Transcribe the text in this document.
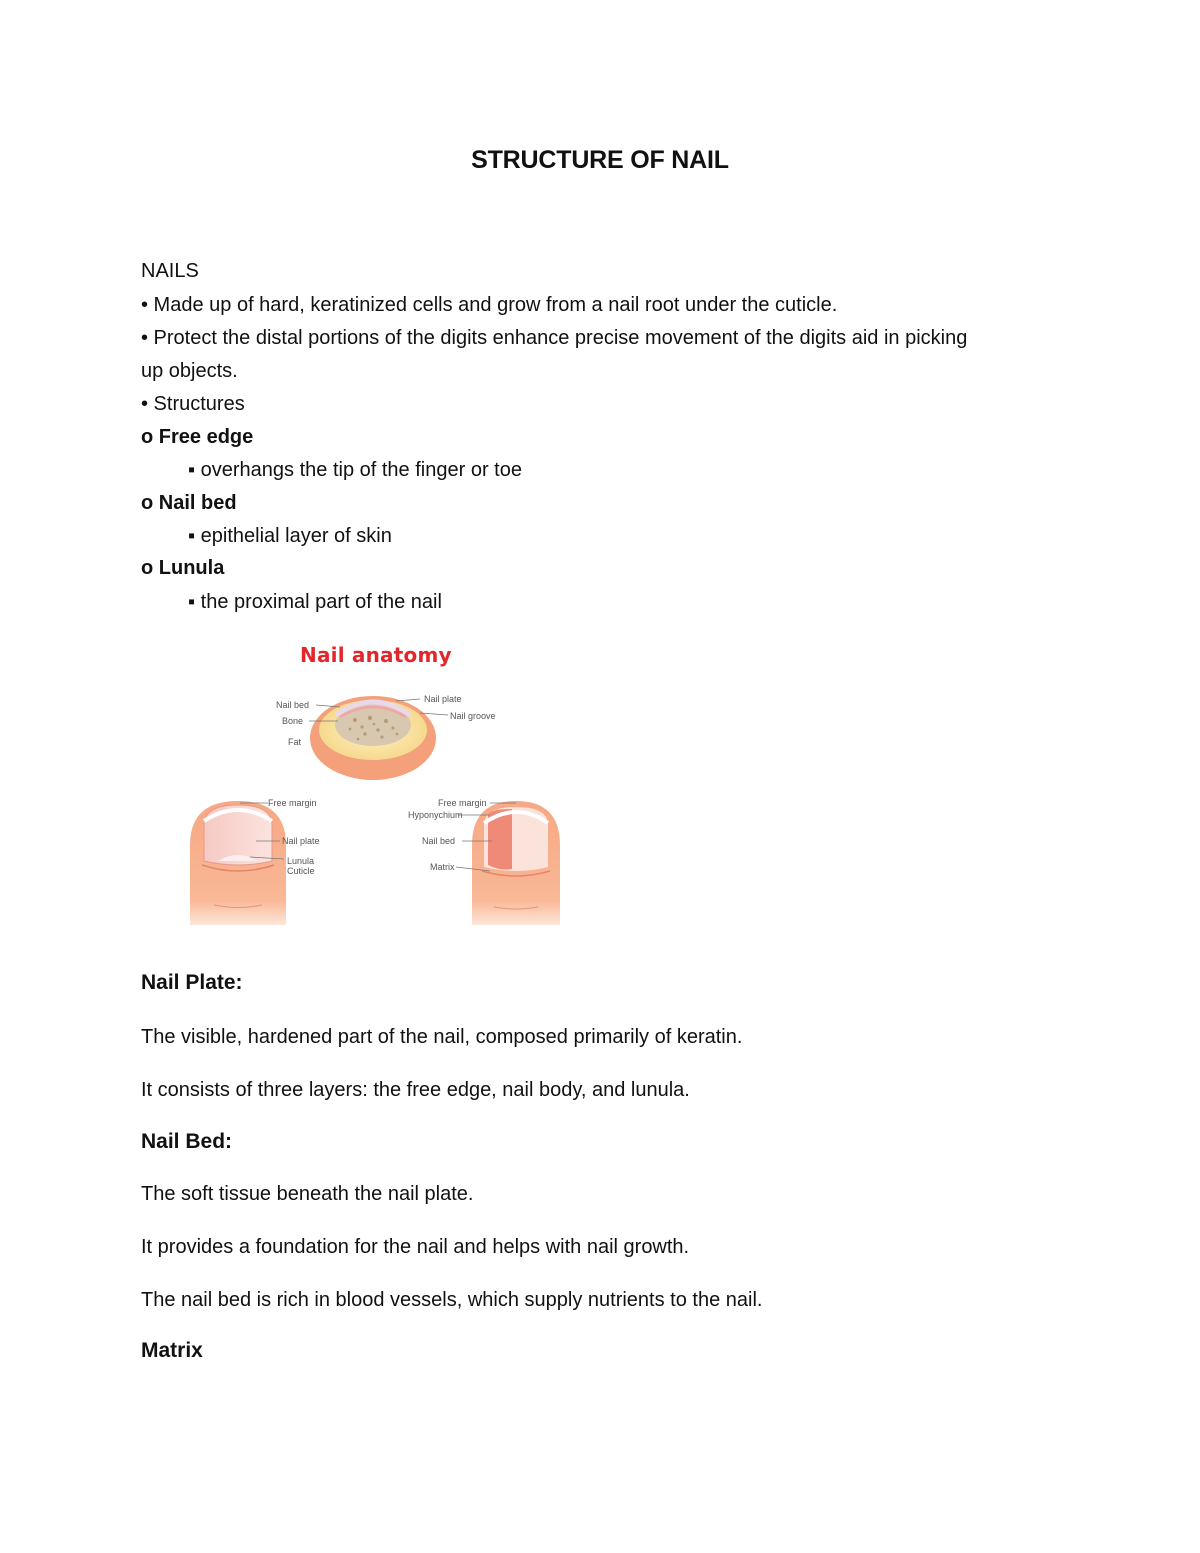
STRUCTURE OF NAIL
NAILS
• Made up of hard, keratinized cells and grow from a nail root under the cuticle.
• Protect the distal portions of the digits enhance precise movement of the digits aid in picking
up objects.
• Structures
o Free edge
▪ overhangs the tip of the finger or toe
o Nail bed
▪ epithelial layer of skin
o Lunula
▪ the proximal part of the nail
Nail anatomy
Nail bed
Bone
Fat
Nail plate
Nail groove
Free margin
Nail plate
Lunula
Cuticle
Free margin
Hyponychium
Nail bed
Matrix
Nail Plate:
The visible, hardened part of the nail, composed primarily of keratin.
It consists of three layers: the free edge, nail body, and lunula.
Nail Bed:
The soft tissue beneath the nail plate.
It provides a foundation for the nail and helps with nail growth.
The nail bed is rich in blood vessels, which supply nutrients to the nail.
Matrix
